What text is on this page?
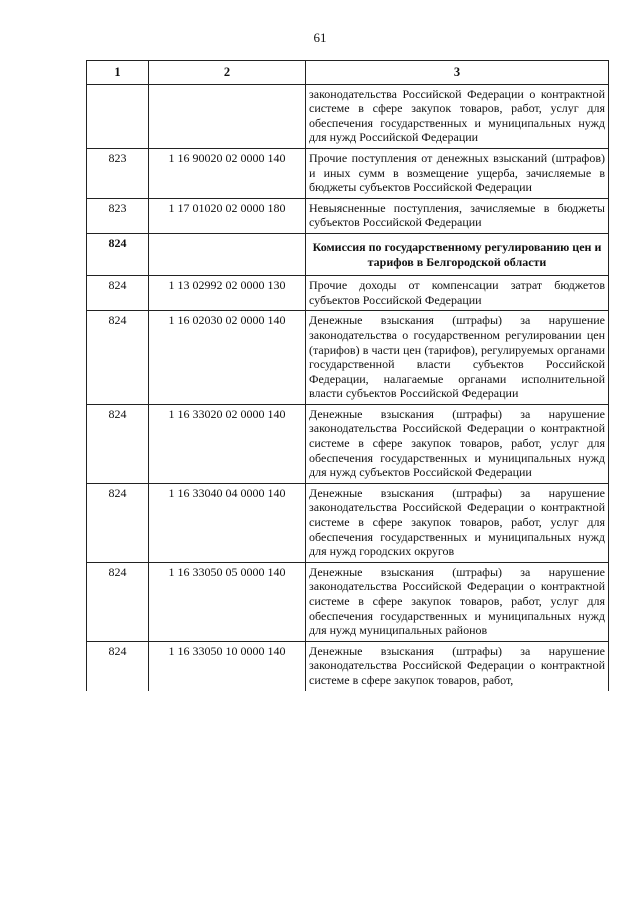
61
1	2	3
		законодательства Российской Федерации о контрактной системе в сфере закупок товаров, работ, услуг для обеспечения государственных и муниципальных нужд для нужд Российской Федерации
823	1 16 90020 02 0000 140	Прочие поступления от денежных взысканий (штрафов) и иных сумм в возмещение ущерба, зачисляемые в бюджеты субъектов Российской Федерации
823	1 17 01020 02 0000 180	Невыясненные поступления, зачисляемые в бюджеты субъектов Российской Федерации
824		Комиссия по государственному регулированию цен и тарифов в Белгородской области
824	1 13 02992 02 0000 130	Прочие доходы от компенсации затрат бюджетов субъектов Российской Федерации
824	1 16 02030 02 0000 140	Денежные взыскания (штрафы) за нарушение законодательства о государственном регулировании цен (тарифов) в части цен (тарифов), регулируемых органами государственной власти субъектов Российской Федерации, налагаемые органами исполнительной власти субъектов Российской Федерации
824	1 16 33020 02 0000 140	Денежные взыскания (штрафы) за нарушение законодательства Российской Федерации о контрактной системе в сфере закупок товаров, работ, услуг для обеспечения государственных и муниципальных нужд для нужд субъектов Российской Федерации
824	1 16 33040 04 0000 140	Денежные взыскания (штрафы) за нарушение законодательства Российской Федерации о контрактной системе в сфере закупок товаров, работ, услуг для обеспечения государственных и муниципальных нужд для нужд городских округов
824	1 16 33050 05 0000 140	Денежные взыскания (штрафы) за нарушение законодательства Российской Федерации о контрактной системе в сфере закупок товаров, работ, услуг для обеспечения государственных и муниципальных нужд для нужд муниципальных районов
824	1 16 33050 10 0000 140	Денежные взыскания (штрафы) за нарушение законодательства Российской Федерации о контрактной системе в сфере закупок товаров, работ,
